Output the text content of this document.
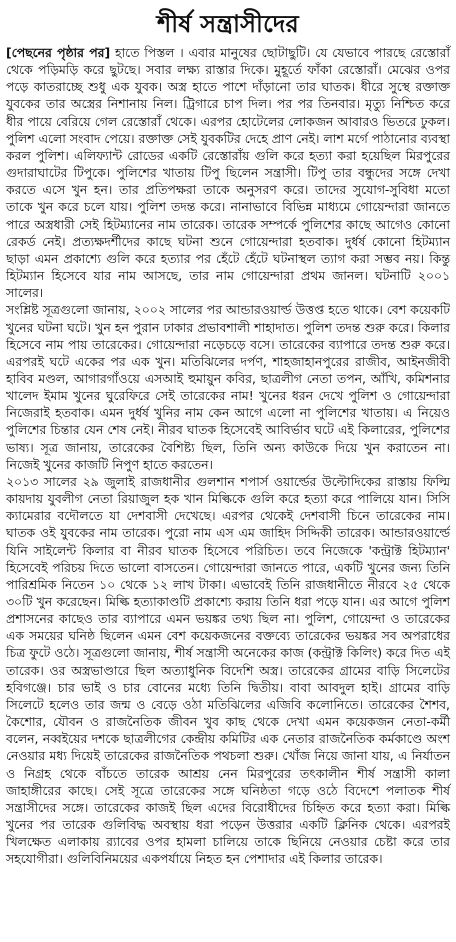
শীর্ষ সন্ত্রাসীদের

[পেছনের পৃষ্ঠার পর] হাতে পিস্তল । এবার মানুষের ছোটাছুটি। যে যেভাবে পারছে রেস্তোরাঁ থেকে পড়িমড়ি করে ছুটছে। সবার লক্ষ্য রাস্তার দিকে। মুহূর্তে ফাঁকা রেস্তোরাঁ। মেঝের ওপর পড়ে কাতরাচ্ছে শুধু এক যুবক। অস্ত্র হাতে পাশে দাঁড়ানো তার ঘাতক। ধীরে সুস্থে রক্তাক্ত যুবকের তার অস্ত্রের নিশানায় নিল। ট্রিগারে চাপ দিল। পর পর তিনবার। মৃত্যু নিশ্চিত করে ধীর পায়ে বেরিয়ে গেল রেস্তোরাঁ থেকে। এরপর হোটেলের লোকজন আবারও ভিতরে ঢুকল। পুলিশ এলো সংবাদ পেয়ে। রক্তাক্ত সেই যুবকটির দেহে প্রাণ নেই। লাশ মর্গে পাঠানোর ব্যবস্থা করল পুলিশ। এলিফ্যান্ট রোডের একটি রেস্তোরাঁয় গুলি করে হত্যা করা হয়েছিল মিরপুরের গুদারাঘাটের টিপুকে। পুলিশের খাতায় টিপু ছিলেন সন্ত্রাসী। টিপু তার বন্ধুদের সঙ্গে দেখা করতে এসে খুন হন। তার প্রতিপক্ষরা তাকে অনুসরণ করে। তাদের সুযোগ-সুবিধা মতো তাকে খুন করে চলে যায়। পুলিশ তদন্ত করে। নানাভাবে বিভিন্ন মাধ্যমে গোয়েন্দারা জানতে পারে অস্ত্রধারী সেই হিটম্যানের নাম তারেক। তারেক সম্পর্কে পুলিশের কাছে আগেও কোনো রেকর্ড নেই। প্রত্যক্ষদর্শীদের কাছে ঘটনা শুনে গোয়েন্দারা হতবাক। দুর্ধর্ষ কোনো হিটম্যান ছাড়া এমন প্রকাশ্যে গুলি করে হত্যার পর হেঁটে হেঁটে ঘটনাস্থল ত্যাগ করা সম্ভব নয়। কিন্তু হিটম্যান হিসেবে যার নাম আসছে, তার নাম গোয়েন্দারা প্রথম জানল। ঘটনাটি ২০০১ সালের।

সংশ্লিষ্ট সূত্রগুলো জানায়, ২০০২ সালের পর আন্ডারওয়ার্ল্ড উত্তপ্ত হতে থাকে। বেশ কয়েকটি খুনের ঘটনা ঘটে। খুন হন পুরান ঢাকার প্রভাবশালী শাহাদাত। পুলিশ তদন্ত শুরু করে। কিলার হিসেবে নাম পায় তারেকের। গোয়েন্দারা নড়েচড়ে বসে। তারেকের ব্যাপারে তদন্ত শুরু করে। এরপরই ঘটে একের পর এক খুন। মতিঝিলের দর্পণ, শাহজাহানপুরের রাজীব, আইনজীবী হাবিব মণ্ডল, আগারগাঁওয়ে এসআই হুমায়ুন কবির, ছাত্রলীগ নেতা তপন, আঁখি, কমিশনার খালেদ ইমাম খুনের ঘুরেফিরে সেই তারেকের নাম! খুনের ধরন দেখে পুলিশ ও গোয়েন্দারা নিজেরাই হতবাক। এমন দুর্ধর্ষ খুনির নাম কেন আগে এলো না পুলিশের খাতায়। এ নিয়েও পুলিশের চিন্তার যেন শেষ নেই। নীরব ঘাতক হিসেবেই আবির্ভাব ঘটে এই কিলারের, পুলিশের ভাষ্য। সূত্র জানায়, তারেকের বৈশিষ্ট্য ছিল, তিনি অন্য কাউকে দিয়ে খুন করাতেন না। নিজেই খুনের কাজটি নিপুণ হাতে করতেন।

২০১৩ সালের ২৯ জুলাই রাজধানীর গুলশান শপার্স ওয়ার্ল্ডের উল্টোদিকের রাস্তায় ফিল্মি কায়দায় যুবলীগ নেতা রিয়াজুল হক খান মিল্কিকে গুলি করে হত্যা করে পালিয়ে যান। সিসি ক্যামেরার বদৌলতে যা দেশবাসী দেখেছে। এরপর থেকেই দেশবাসী চিনে তারেকের নাম। ঘাতক ওই যুবকের নাম তারেক। পুরো নাম এস এম জাহিদ সিদ্দিকী তারেক। আন্ডারওয়ার্ল্ডে যিনি সাইলেন্ট কিলার বা নীরব ঘাতক হিসেবে পরিচিত। তবে নিজেকে 'কন্ট্রাক্ট হিটম্যান' হিসেবেই পরিচয় দিতে ভালো বাসতেন। গোয়েন্দারা জানতে পারে, একটি খুনের জন্য তিনি পারিশ্রমিক নিতেন ১০ থেকে ১২ লাখ টাকা। এভাবেই তিনি রাজধানীতে নীরবে ২৫ থেকে ৩০টি খুন করেছেন। মিল্কি হত্যাকাণ্ডটি প্রকাশ্যে করায় তিনি ধরা পড়ে যান। এর আগে পুলিশ প্রশাসনের কাছেও তার ব্যাপারে এমন ভয়ঙ্কর তথ্য ছিল না। পুলিশ, গোয়েন্দা ও তারেকের এক সময়ের ঘনিষ্ঠ ছিলেন এমন বেশ কয়েকজনের বক্তব্যে তারেকের ভয়ঙ্কর সব অপরাধের চিত্র ফুটে ওঠে। সূত্রগুলো জানায়, শীর্ষ সন্ত্রাসী অনেকের কাজ (কন্ট্রাক্ট কিলিং) করে দিত এই তারেক। ওর অস্ত্রভাণ্ডারে ছিল অত্যাধুনিক বিদেশি অস্ত্র। তারেকের গ্রামের বাড়ি সিলেটের হবিগঞ্জে। চার ভাই ও চার বোনের মধ্যে তিনি দ্বিতীয়। বাবা আবদুল হাই। গ্রামের বাড়ি সিলেটে হলেও তার জন্ম ও বেড়ে ওঠা মতিঝিলের এজিবি কলোনিতে। তারেকের শৈশব, কৈশোর, যৌবন ও রাজনৈতিক জীবন খুব কাছ থেকে দেখা এমন কয়েকজন নেতা-কর্মী বলেন, নব্বইয়ের দশকে ছাত্রলীগের কেন্দ্রীয় কমিটির এক নেতার রাজনৈতিক কর্মকাণ্ডে অংশ নেওয়ার মধ্য দিয়েই তারেকের রাজনৈতিক পথচলা শুরু। খোঁজ নিয়ে জানা যায়, এ নির্যাতন ও নিগ্রহ থেকে বাঁচতে তারেক আশ্রয় নেন মিরপুরের তৎকালীন শীর্ষ সন্ত্রাসী কালা জাহাঙ্গীরের কাছে। সেই সূত্রে তারেকের সঙ্গে ঘনিষ্ঠতা গড়ে ওঠে বিদেশে পলাতক শীর্ষ সন্ত্রাসীদের সঙ্গে। তারেকের কাজই ছিল এদের বিরোধীদের চিহ্নিত করে হত্যা করা। মিল্কি খুনের পর তারেক গুলিবিদ্ধ অবস্থায় ধরা পড়েন উত্তরার একটি ক্লিনিক থেকে। এরপরই খিলক্ষেত এলাকায় র‌্যাবের ওপর হামলা চালিয়ে তাকে ছিনিয়ে নেওয়ার চেষ্টা করে তার সহযোগীরা। গুলিবিনিময়ের একপর্যায়ে নিহত হন পেশাদার এই কিলার তারেক।
